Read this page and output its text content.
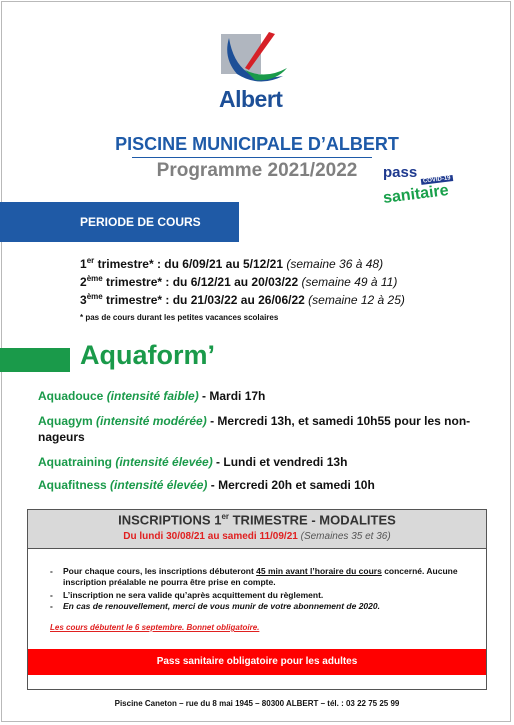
Albert
PISCINE MUNICIPALE D’ALBERT
Programme 2021/2022	pass COVID-19
sanitaire
PERIODE DE COURS
1er trimestre* : du 6/09/21 au 5/12/21 (semaine 36 à 48)
2ème trimestre* : du 6/12/21 au 20/03/22 (semaine 49 à 11)
3ème trimestre* : du 21/03/22 au 26/06/22 (semaine 12 à 25)
* pas de cours durant les petites vacances scolaires
Aquaform’
Aquadouce (intensité faible) - Mardi 17h
Aquagym (intensité modérée) - Mercredi 13h, et samedi 10h55 pour les non-nageurs
Aquatraining (intensité élevée) - Lundi et vendredi 13h
Aquafitness (intensité élevée) - Mercredi 20h et samedi 10h
INSCRIPTIONS 1er TRIMESTRE - MODALITES
Du lundi 30/08/21 au samedi 11/09/21 (Semaines 35 et 36)
- Pour chaque cours, les inscriptions débuteront 45 min avant l’horaire du cours concerné. Aucune inscription préalable ne pourra être prise en compte.
- L’inscription ne sera valide qu’après acquittement du règlement.
- En cas de renouvellement, merci de vous munir de votre abonnement de 2020.
Les cours débutent le 6 septembre. Bonnet obligatoire.
Pass sanitaire obligatoire pour les adultes
Piscine Caneton – rue du 8 mai 1945 – 80300 ALBERT – tél. : 03 22 75 25 99
